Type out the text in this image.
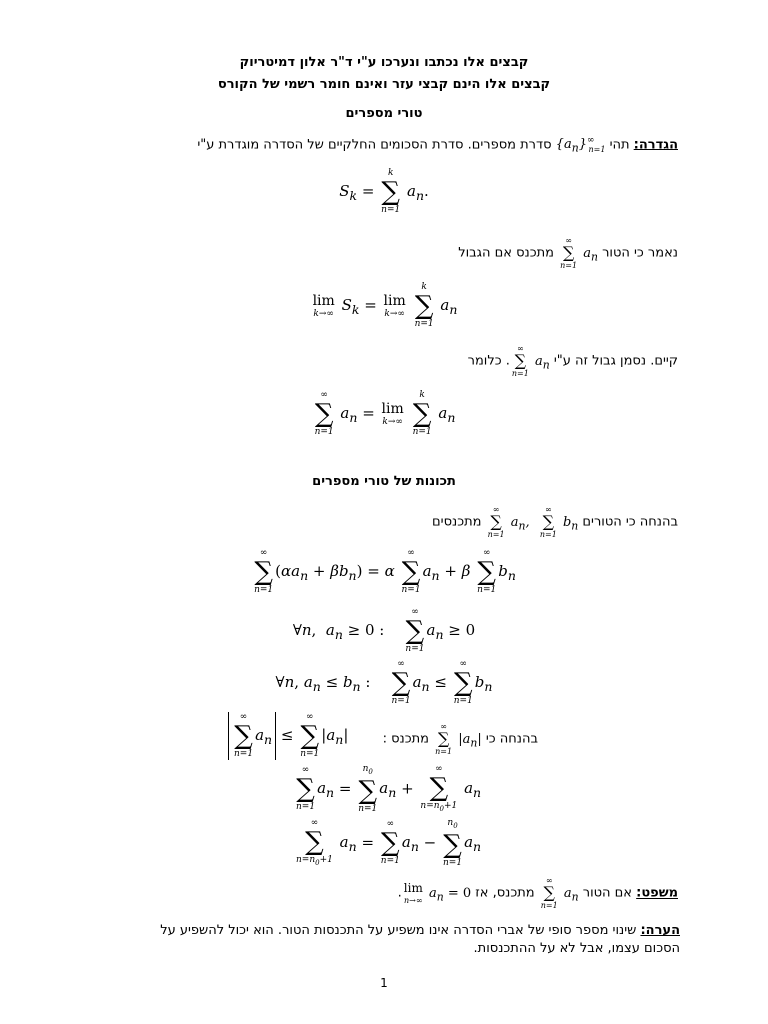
קבצים אלו נכתבו ונערכו ע"י ד"ר אלון דמיטריוק
קבצים אלו הינם קבצי עזר ואינם חומר רשמי של הקורס
טורי מספרים
הגדרה: תהי $\{a_n\}^\infty_{n=1}$ סדרת מספרים. סדרת הסכומים החלקיים של הסדרה מוגדרת ע"י
$S_k$ =
k
∑
n=1
$a_n$.
נאמר כי הטור
∞
∑
n=1
$a_n$ מתכנס אם הגבול
lim
k→∞ $S_k = \lim$
k→∞

k
∑
n=1
$a_n$
קיים. נסמן גבול זה ע"י
∞
∑
n=1
$a_n$. כלומר
∞
∑
n=1
$a_n = \lim$
k→∞

k
∑
n=1
$a_n$
תכונות של טורי מספרים
בהנחה כי הטורים
∞
∑
n=1
$a_n$,
∞
∑
n=1
$b_n$ מתכנסים
∞
∑
n=1
$(\alpha a_n + \beta b_n) = \alpha$
∞
∑
n=1
$a_n + \beta$
∞
∑
n=1
$b_n$
∀n,  $a_n \ge 0$ :
∞
∑
n=1
$a_n \ge 0$
∀n, $a_n \le b_n$ :
∞
∑
n=1
$a_n$ ≤
∞
∑
n=1
$b_n$
∞
∑
n=1
$a_n$ ≤
∞
∑
n=1
$|a_n|$	בהנחה כי
∞
∑
n=1
$|a_n|$ מתכנס :
∞
∑
n=1
$a_n$ =
$n_0$
∑
n=1
$a_n$ +
∞
∑
$n=n_0+1$
$a_n$
∞
∑
$n=n_0+1$
$a_n$ =
∞
∑
n=1
$a_n$ −
$n_0$
∑
n=1
$a_n$
משפט: אם הטור
∞
∑
n=1
$a_n$ מתכנס, אז
lim
n→∞ $a_n = 0$.
הערה: שינוי מספר סופי של אברי הסדרה אינו משפיע על התכנסות הטור. הוא יכול להשפיע על
הסכום עצמו, אבל לא על ההתכנסות.
1
